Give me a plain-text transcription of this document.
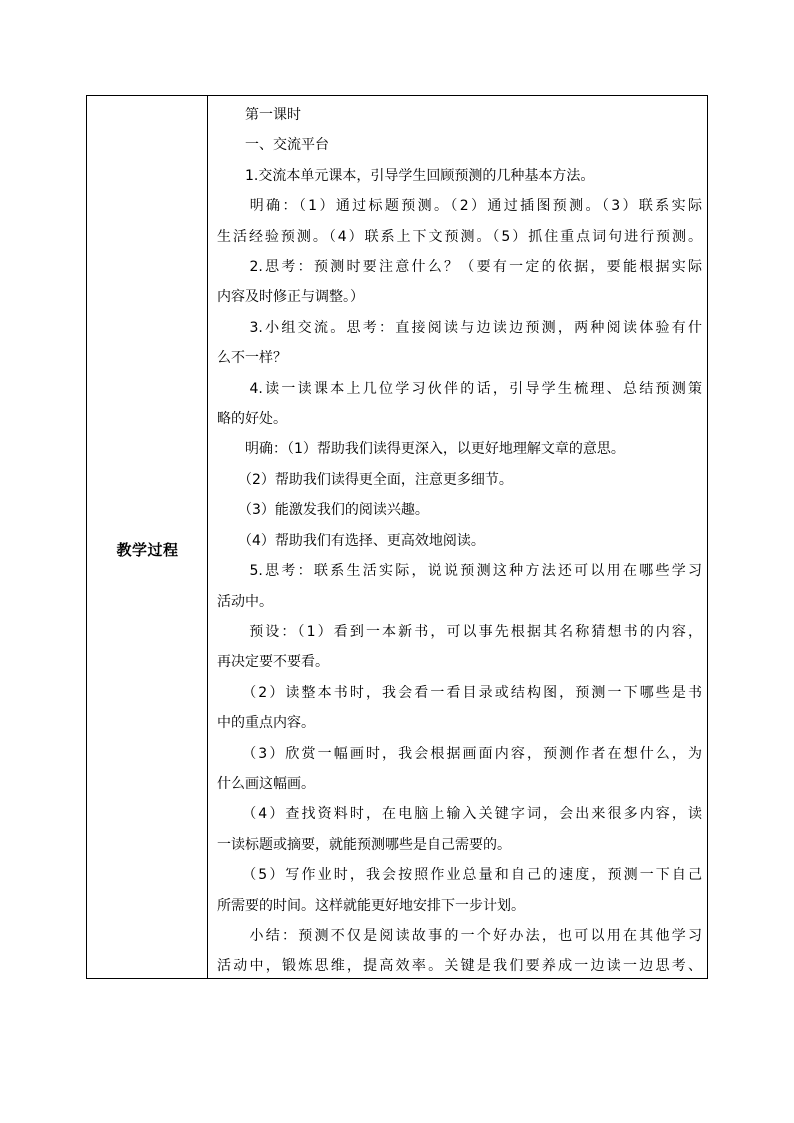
教学过程

　　第一课时

　　一、交流平台

　　1.交流本单元课本，引导学生回顾预测的几种基本方法。

　　明确：（1）通过标题预测。（2）通过插图预测。（3）联系实际

生活经验预测。（4）联系上下文预测。（5）抓住重点词句进行预测。

　　2.思考：预测时要注意什么？（要有一定的依据，要能根据实际

内容及时修正与调整。）

　　3.小组交流。思考：直接阅读与边读边预测，两种阅读体验有什

么不一样？

　　4.读一读课本上几位学习伙伴的话，引导学生梳理、总结预测策

略的好处。

　　明确：（1）帮助我们读得更深入，以更好地理解文章的意思。

　　（2）帮助我们读得更全面，注意更多细节。

　　（3）能激发我们的阅读兴趣。

　　（4）帮助我们有选择、更高效地阅读。

　　5.思考：联系生活实际，说说预测这种方法还可以用在哪些学习

活动中。

　　预设：（1）看到一本新书，可以事先根据其名称猜想书的内容，

再决定要不要看。

　　（2）读整本书时，我会看一看目录或结构图，预测一下哪些是书

中的重点内容。

　　（3）欣赏一幅画时，我会根据画面内容，预测作者在想什么，为

什么画这幅画。

　　（4）查找资料时，在电脑上输入关键字词，会出来很多内容，读

一读标题或摘要，就能预测哪些是自己需要的。

　　（5）写作业时，我会按照作业总量和自己的速度，预测一下自己

所需要的时间。这样就能更好地安排下一步计划。

　　小结：预测不仅是阅读故事的一个好办法，也可以用在其他学习

活动中，锻炼思维，提高效率。关键是我们要养成一边读一边思考、
